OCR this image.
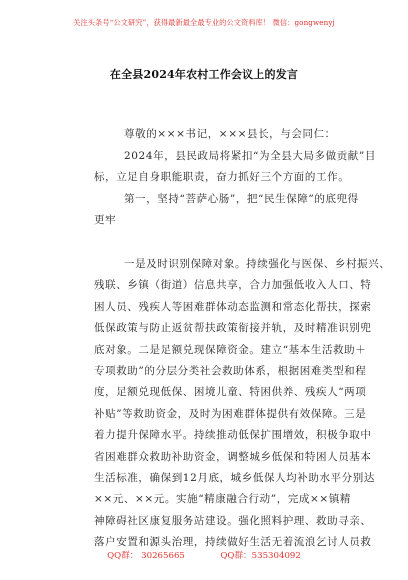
关注头条号“公文研究”，获得最新最全最专业的公文资料库！ 微信：gongwenyj
在全县2024年农村工作会议上的发言
尊敬的×××书记，×××县长，与会同仁：
2024年，县民政局将紧扣“为全县大局多做贡献”目
标，立足自身职能职责，奋力抓好三个方面的工作。
第一，坚持“菩萨心肠”，把“民生保障”的底兜得
更牢
一是及时识别保障对象。持续强化与医保、乡村振兴、
残联、乡镇（街道）信息共享，合力加强低收入人口、特
困人员、残疾人等困难群体动态监测和常态化帮扶，探索
低保政策与防止返贫帮扶政策衔接并轨，及时精准识别兜
底对象。二是足额兑现保障资金。建立“基本生活救助＋
专项救助”的分层分类社会救助体系，根据困难类型和程
度，足额兑现低保、困境儿童、特困供养、残疾人“两项
补贴”等救助资金，及时为困难群体提供有效保障。三是
着力提升保障水平。持续推动低保扩围增效，积极争取中
省困难群众救助补助资金，调整城乡低保和特困人员基本
生活标准，确保到12月底，城乡低保人均补助水平分别达
××元、××元。实施“精康融合行动”，完成××镇精
神障碍社区康复服务站建设。强化照料护理、救助寻亲、
落户安置和源头治理，持续做好生活无着流浪乞讨人员救
QQ群： 30265665	QQ群：535304092
